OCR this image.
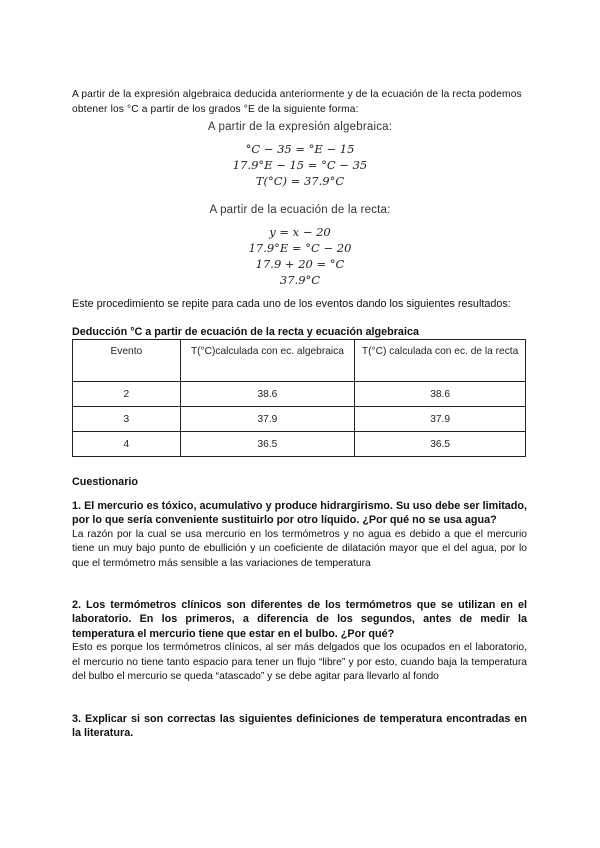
A partir de la expresión algebraica deducida anteriormente y de la ecuación de la recta podemos obtener los °C a partir de los grados °E de la siguiente forma:

A partir de la expresión algebraica:
°C − 35 = °E − 15
17.9°E − 15 = °C − 35
T(°C) = 37.9°C
A partir de la ecuación de la recta:
y = x − 20
17.9°E = °C − 20
17.9 + 20 = °C
37.9°C

Este procedimiento se repite para cada uno de los eventos dando los siguientes resultados:

Deducción °C a partir de ecuación de la recta y ecuación algebraica
Evento	T(°C)calculada con ec. algebraica	T(°C) calculada con ec. de la recta
2	38.6	38.6
3	37.9	37.9
4	36.5	36.5
Cuestionario

1. El mercurio es tóxico, acumulativo y produce hidrargirismo. Su uso debe ser limitado, por lo que sería conveniente sustituirlo por otro líquido. ¿Por qué no se usa agua?

La razón por la cual se usa mercurio en los termómetros y no agua es debido a que el mercurio tiene un muy bajo punto de ebullición y un coeficiente de dilatación mayor que el del agua, por lo que el termómetro más sensible a las variaciones de temperatura

2. Los termómetros clínicos son diferentes de los termómetros que se utilizan en el laboratorio. En los primeros, a diferencia de los segundos, antes de medir la temperatura el mercurio tiene que estar en el bulbo. ¿Por qué?

Esto es porque los termómetros clínicos, al ser más delgados que los ocupados en el laboratorio, el mercurio no tiene tanto espacio para tener un flujo “libre” y por esto, cuando baja la temperatura del bulbo el mercurio se queda “atascado” y se debe agitar para llevarlo al fondo

3. Explicar si son correctas las siguientes definiciones de temperatura encontradas en la literatura.
